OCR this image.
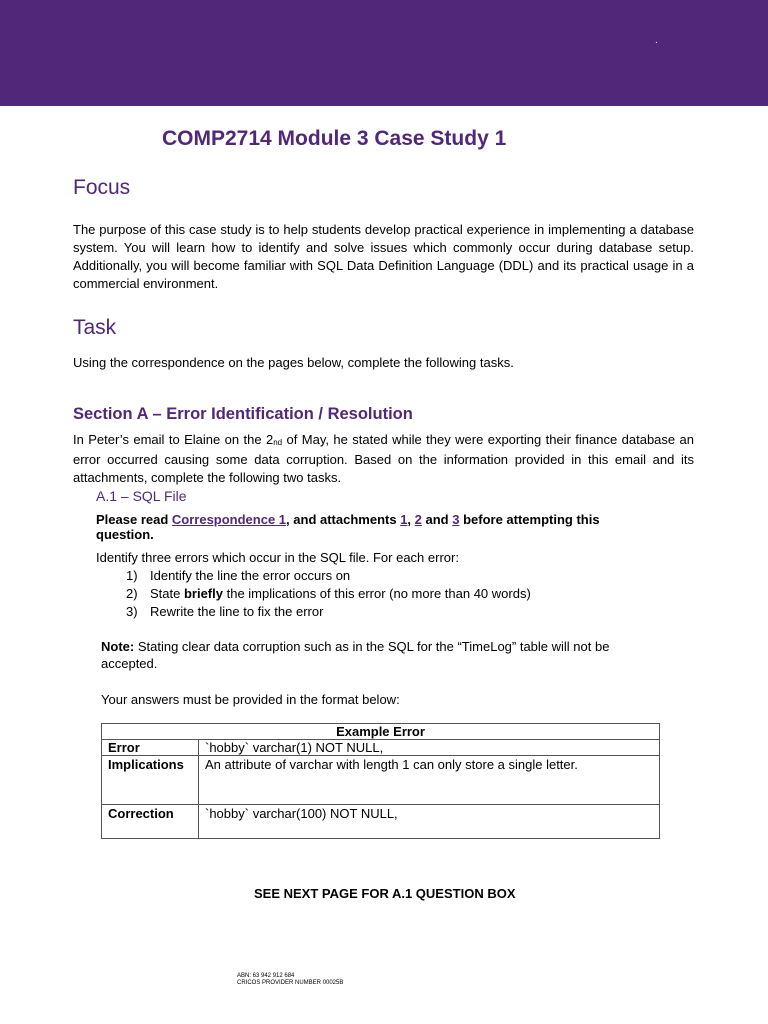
.
COMP2714 Module 3 Case Study 1
Focus

The purpose of this case study is to help students develop practical experience in implementing a database system. You will learn how to identify and solve issues which commonly occur during database setup. Additionally, you will become familiar with SQL Data Definition Language (DDL) and its practical usage in a commercial environment.

Task

Using the correspondence on the pages below, complete the following tasks.

Section A – Error Identification / Resolution

In Peter’s email to Elaine on the $2_{nd}$ of May, he stated while they were exporting their finance database an error occurred causing some data corruption. Based on the information provided in this email and its attachments, complete the following two tasks.

A.1 – SQL File
Please read Correspondence 1, and attachments 1, 2 and 3 before attempting this
question.
Identify three errors which occur in the SQL file. For each error:
1) Identify the line the error occurs on
2) State briefly the implications of this error (no more than 40 words)
3) Rewrite the line to fix the error
Note: Stating clear data corruption such as in the SQL for the “TimeLog” table will not be
accepted.
Your answers must be provided in the format below:
Example Error	
Error	`hobby` varchar(1) NOT NULL,
Implications	An attribute of varchar with length 1 can only store a single letter.
Correction	`hobby` varchar(100) NOT NULL,
SEE NEXT PAGE FOR A.1 QUESTION BOX
ABN: 63 942 912 684
CRICOS PROVIDER NUMBER 00025B
